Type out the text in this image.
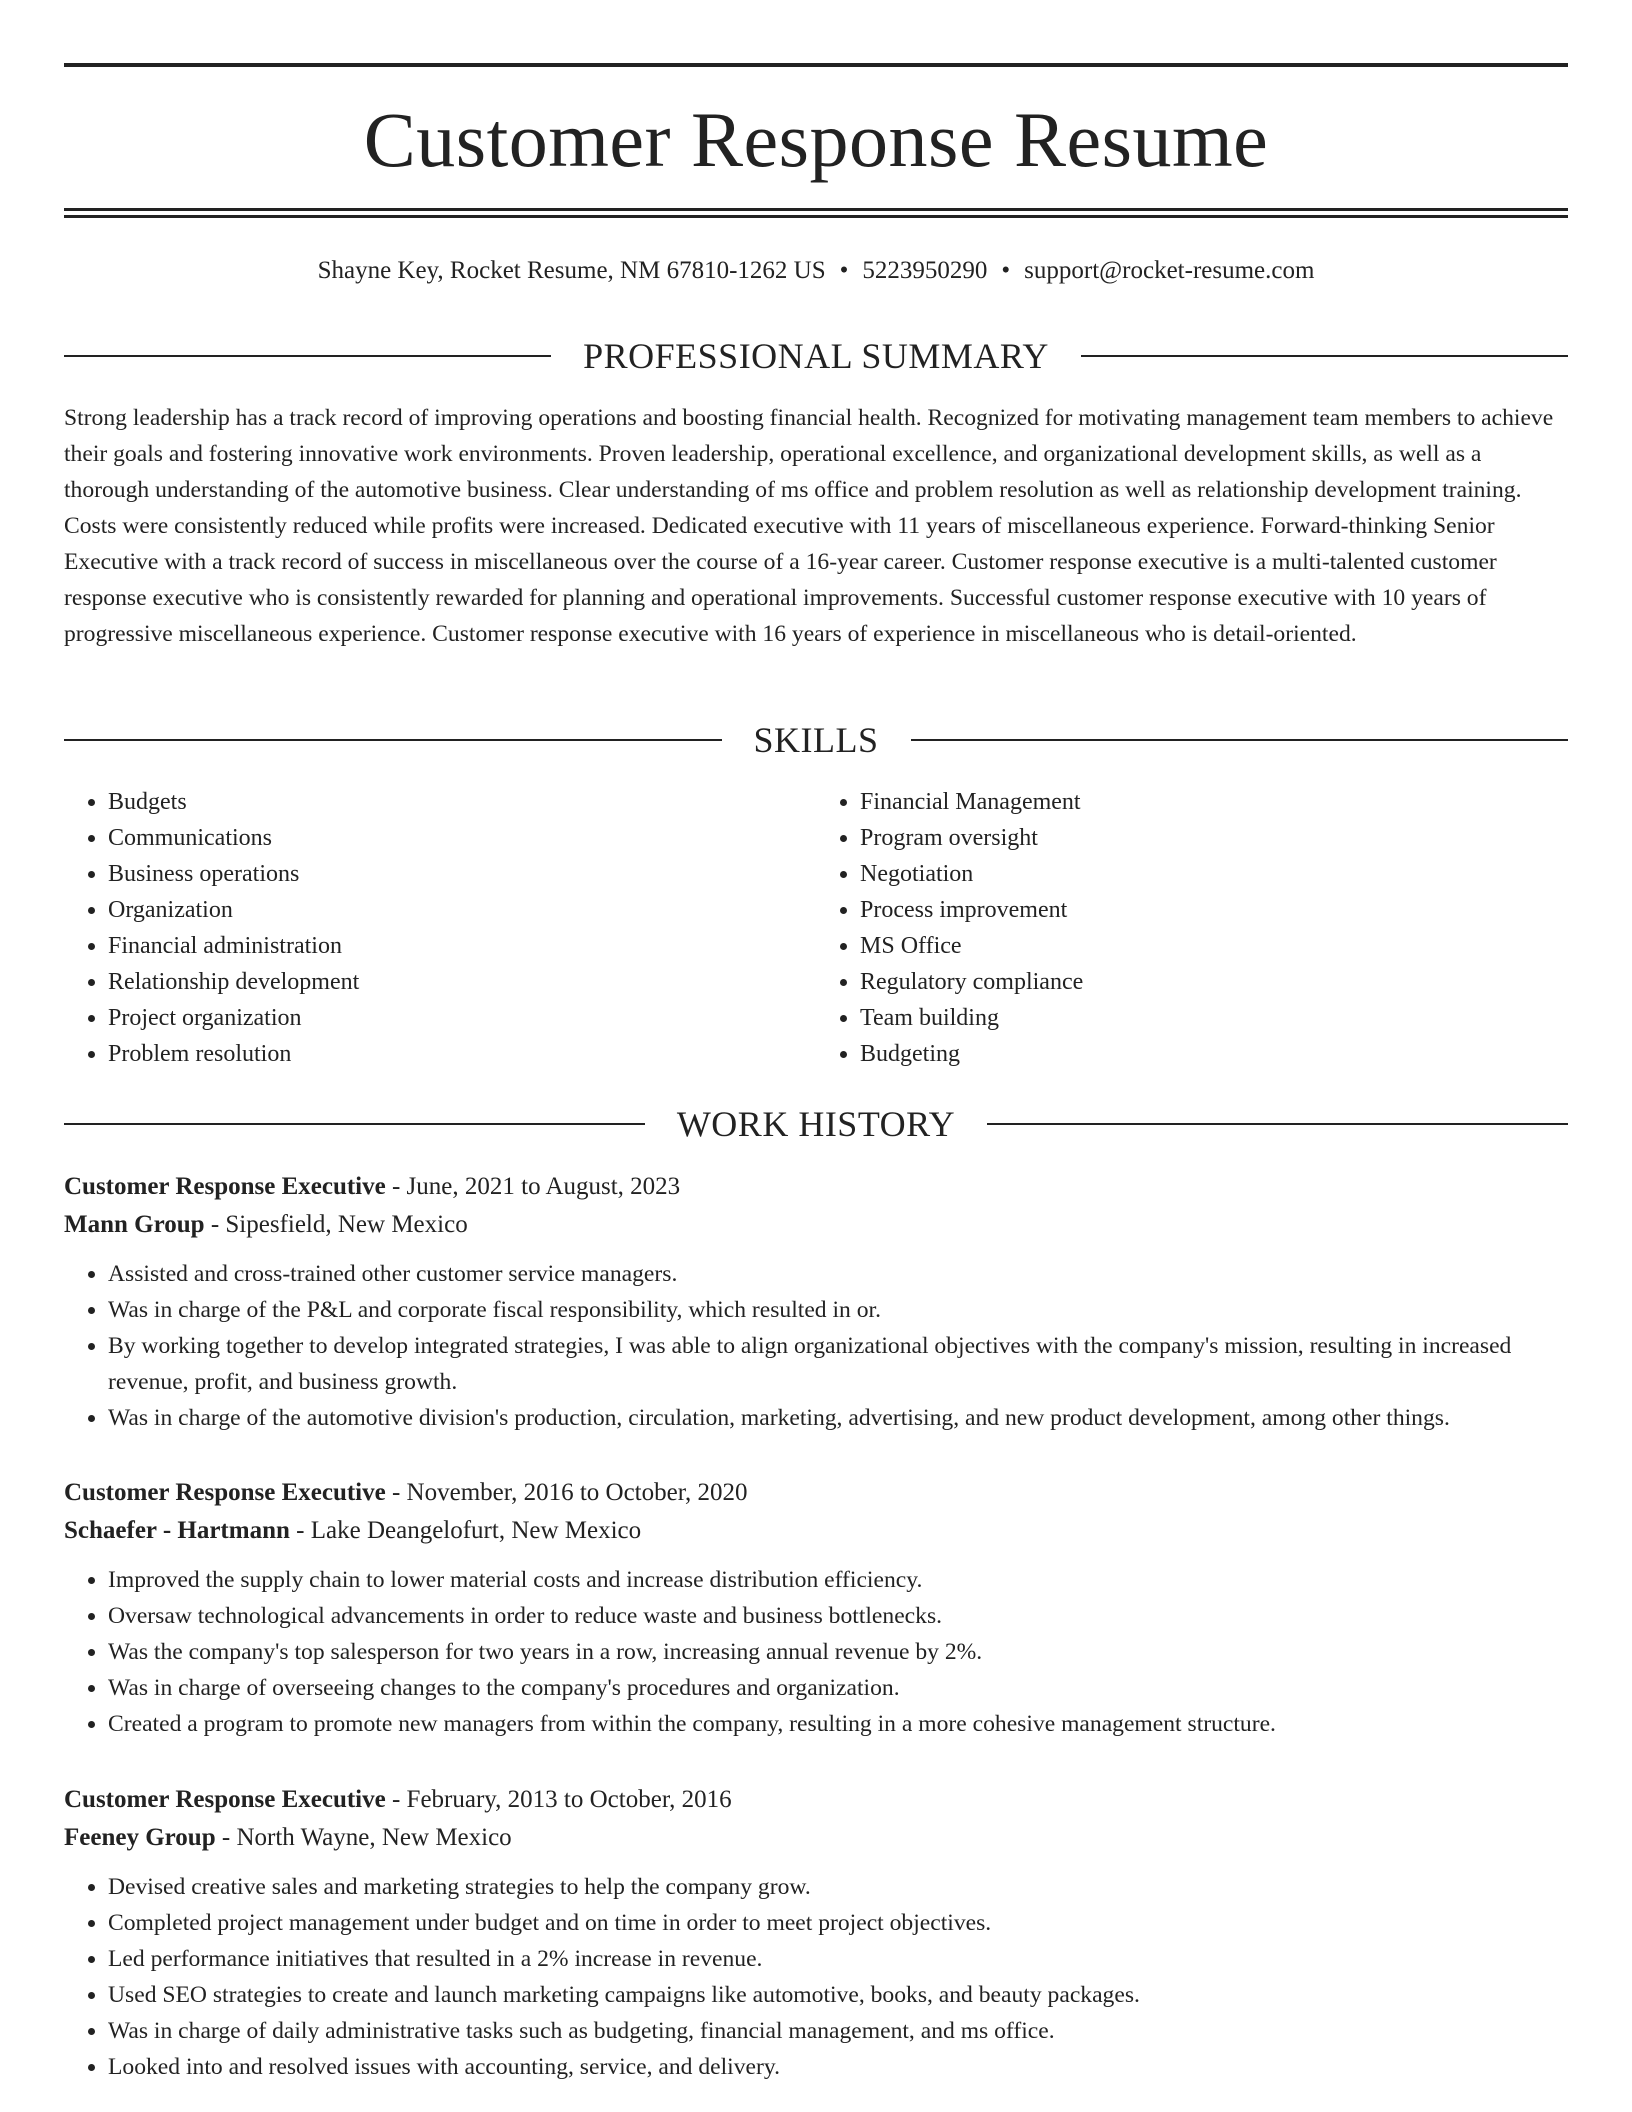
Customer Response Resume
Shayne Key, Rocket Resume, NM 67810-1262 US • 5223950290 • support@rocket-resume.com
PROFESSIONAL SUMMARY

Strong leadership has a track record of improving operations and boosting financial health. Recognized for motivating management team members to achieve their goals and fostering innovative work environments. Proven leadership, operational excellence, and organizational development skills, as well as a thorough understanding of the automotive business. Clear understanding of ms office and problem resolution as well as relationship development training. Costs were consistently reduced while profits were increased. Dedicated executive with 11 years of miscellaneous experience. Forward-thinking Senior Executive with a track record of success in miscellaneous over the course of a 16-year career. Customer response executive is a multi-talented customer response executive who is consistently rewarded for planning and operational improvements. Successful customer response executive with 10 years of progressive miscellaneous experience. Customer response executive with 16 years of experience in miscellaneous who is detail-oriented.

SKILLS
• Budgets
• Communications
• Business operations
• Organization
• Financial administration
• Relationship development
• Project organization
• Problem resolution
• Financial Management
• Program oversight
• Negotiation
• Process improvement
• MS Office
• Regulatory compliance
• Team building
• Budgeting
WORK HISTORY
Customer Response Executive - June, 2021 to August, 2023
Mann Group - Sipesfield, New Mexico
• Assisted and cross-trained other customer service managers.
• Was in charge of the P&L and corporate fiscal responsibility, which resulted in or.
• By working together to develop integrated strategies, I was able to align organizational objectives with the company's mission, resulting in increased revenue, profit, and business growth.
• Was in charge of the automotive division's production, circulation, marketing, advertising, and new product development, among other things.
Customer Response Executive - November, 2016 to October, 2020
Schaefer - Hartmann - Lake Deangelofurt, New Mexico
• Improved the supply chain to lower material costs and increase distribution efficiency.
• Oversaw technological advancements in order to reduce waste and business bottlenecks.
• Was the company's top salesperson for two years in a row, increasing annual revenue by 2%.
• Was in charge of overseeing changes to the company's procedures and organization.
• Created a program to promote new managers from within the company, resulting in a more cohesive management structure.
Customer Response Executive - February, 2013 to October, 2016
Feeney Group - North Wayne, New Mexico
• Devised creative sales and marketing strategies to help the company grow.
• Completed project management under budget and on time in order to meet project objectives.
• Led performance initiatives that resulted in a 2% increase in revenue.
• Used SEO strategies to create and launch marketing campaigns like automotive, books, and beauty packages.
• Was in charge of daily administrative tasks such as budgeting, financial management, and ms office.
• Looked into and resolved issues with accounting, service, and delivery.
